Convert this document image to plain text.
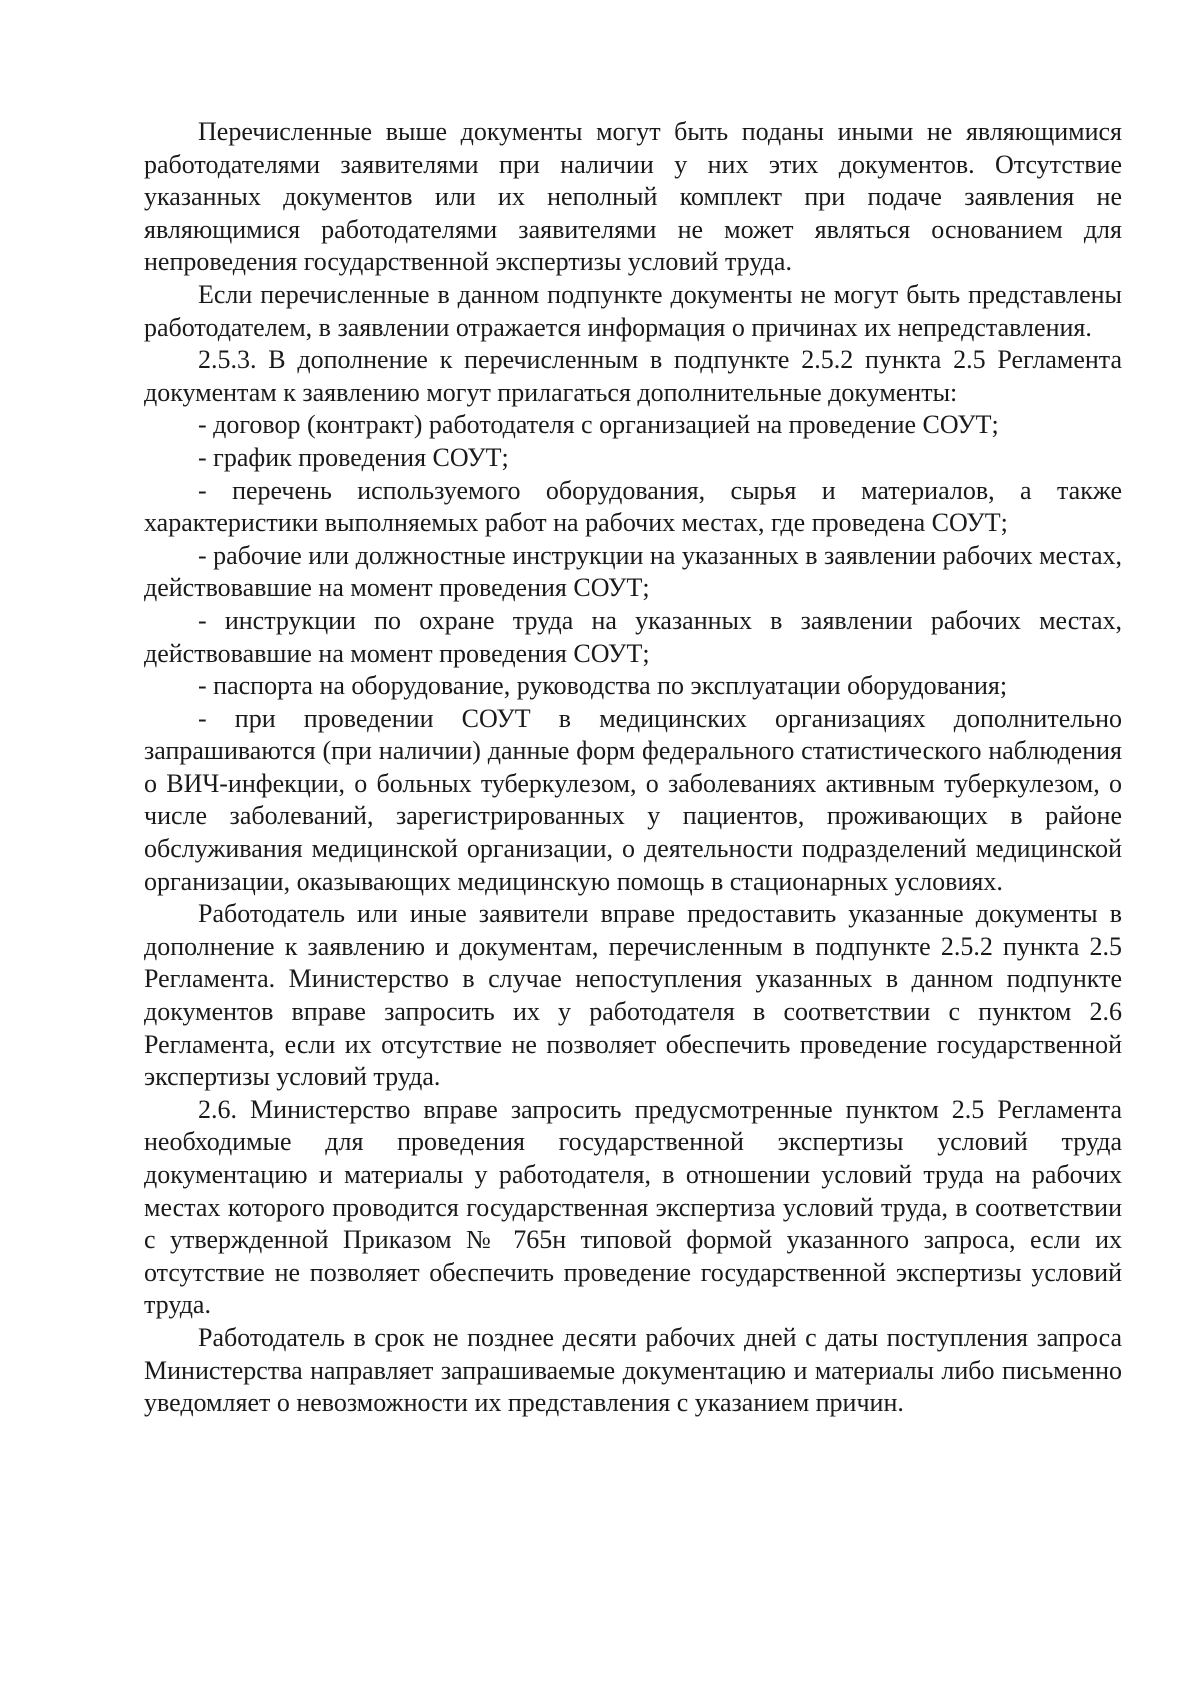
Перечисленные выше документы могут быть поданы иными не являющимися работодателями заявителями при наличии у них этих документов. Отсутствие указанных документов или их неполный комплект при подаче заявления не являющимися работодателями заявителями не может являться основанием для непроведения государственной экспертизы условий труда.

Если перечисленные в данном подпункте документы не могут быть представлены работодателем, в заявлении отражается информация о причинах их непредставления.

2.5.3. В дополнение к перечисленным в подпункте 2.5.2 пункта 2.5 Регламента документам к заявлению могут прилагаться дополнительные документы:

- договор (контракт) работодателя с организацией на проведение СОУТ;

- график проведения СОУТ;

- перечень используемого оборудования, сырья и материалов, а также характеристики выполняемых работ на рабочих местах, где проведена СОУТ;

- рабочие или должностные инструкции на указанных в заявлении рабочих местах, действовавшие на момент проведения СОУТ;

- инструкции по охране труда на указанных в заявлении рабочих местах, действовавшие на момент проведения СОУТ;

- паспорта на оборудование, руководства по эксплуатации оборудования;

- при проведении СОУТ в медицинских организациях дополнительно запрашиваются (при наличии) данные форм федерального статистического наблюдения о ВИЧ-инфекции, о больных туберкулезом, о заболеваниях активным туберкулезом, о числе заболеваний, зарегистрированных у пациентов, проживающих в районе обслуживания медицинской организации, о деятельности подразделений медицинской организации, оказывающих медицинскую помощь в стационарных условиях.

Работодатель или иные заявители вправе предоставить указанные документы в дополнение к заявлению и документам, перечисленным в подпункте 2.5.2 пункта 2.5 Регламента. Министерство в случае непоступления указанных в данном подпункте документов вправе запросить их у работодателя в соответствии с пунктом 2.6 Регламента, если их отсутствие не позволяет обеспечить проведение государственной экспертизы условий труда.

2.6. Министерство вправе запросить предусмотренные пунктом 2.5 Регламента необходимые для проведения государственной экспертизы условий труда документацию и материалы у работодателя, в отношении условий труда на рабочих местах которого проводится государственная экспертиза условий труда, в соответствии с утвержденной Приказом № 765н типовой формой указанного запроса, если их отсутствие не позволяет обеспечить проведение государственной экспертизы условий труда.

Работодатель в срок не позднее десяти рабочих дней с даты поступления запроса Министерства направляет запрашиваемые документацию и материалы либо письменно уведомляет о невозможности их представления с указанием причин.
